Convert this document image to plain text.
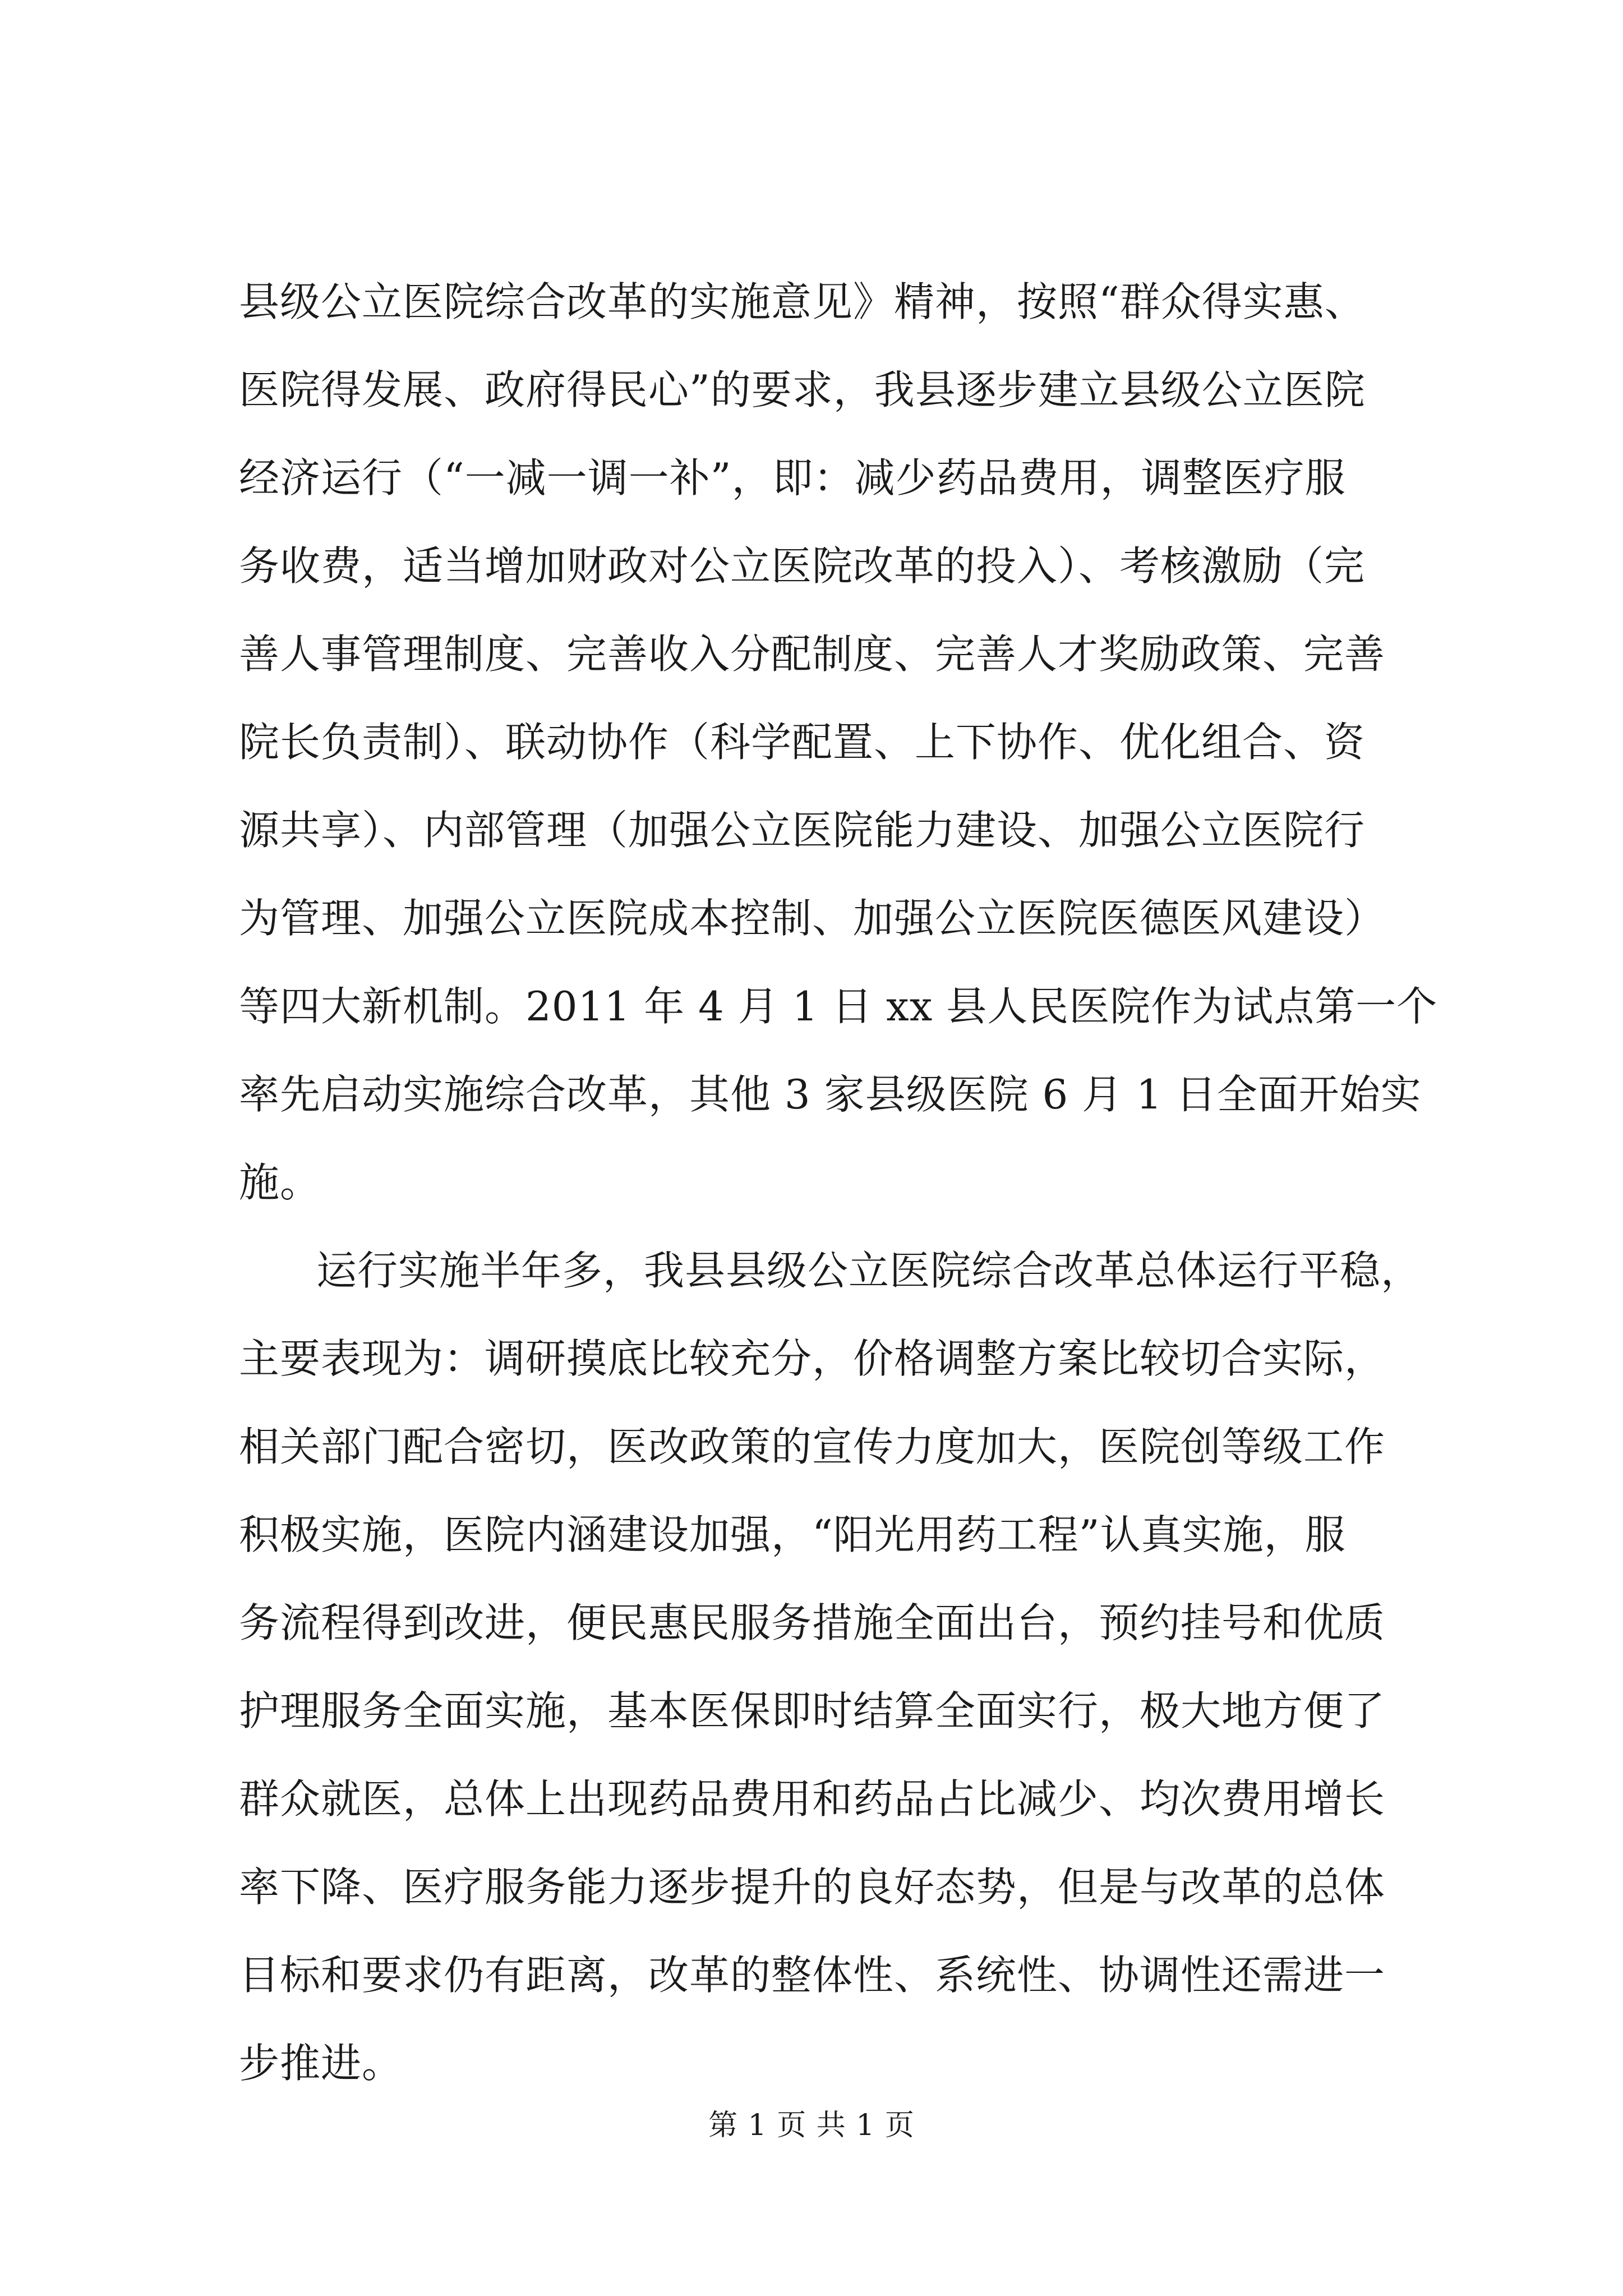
县级公立医院综合改革的实施意见》精神，按照“群众得实惠、
医院得发展、政府得民心”的要求，我县逐步建立县级公立医院
经济运行（“一减一调一补”，即：减少药品费用，调整医疗服
务收费，适当增加财政对公立医院改革的投入）、考核激励（完
善人事管理制度、完善收入分配制度、完善人才奖励政策、完善
院长负责制）、联动协作（科学配置、上下协作、优化组合、资
源共享）、内部管理（加强公立医院能力建设、加强公立医院行
为管理、加强公立医院成本控制、加强公立医院医德医风建设）
等四大新机制。2011 年 4 月 1 日 xx 县人民医院作为试点第一个
率先启动实施综合改革，其他 3 家县级医院 6 月 1 日全面开始实
施。
运行实施半年多，我县县级公立医院综合改革总体运行平稳，
主要表现为：调研摸底比较充分，价格调整方案比较切合实际，
相关部门配合密切，医改政策的宣传力度加大，医院创等级工作
积极实施，医院内涵建设加强，“阳光用药工程”认真实施，服
务流程得到改进，便民惠民服务措施全面出台，预约挂号和优质
护理服务全面实施，基本医保即时结算全面实行，极大地方便了
群众就医，总体上出现药品费用和药品占比减少、均次费用增长
率下降、医疗服务能力逐步提升的良好态势，但是与改革的总体
目标和要求仍有距离，改革的整体性、系统性、协调性还需进一
步推进。
第 1 页 共 1 页
